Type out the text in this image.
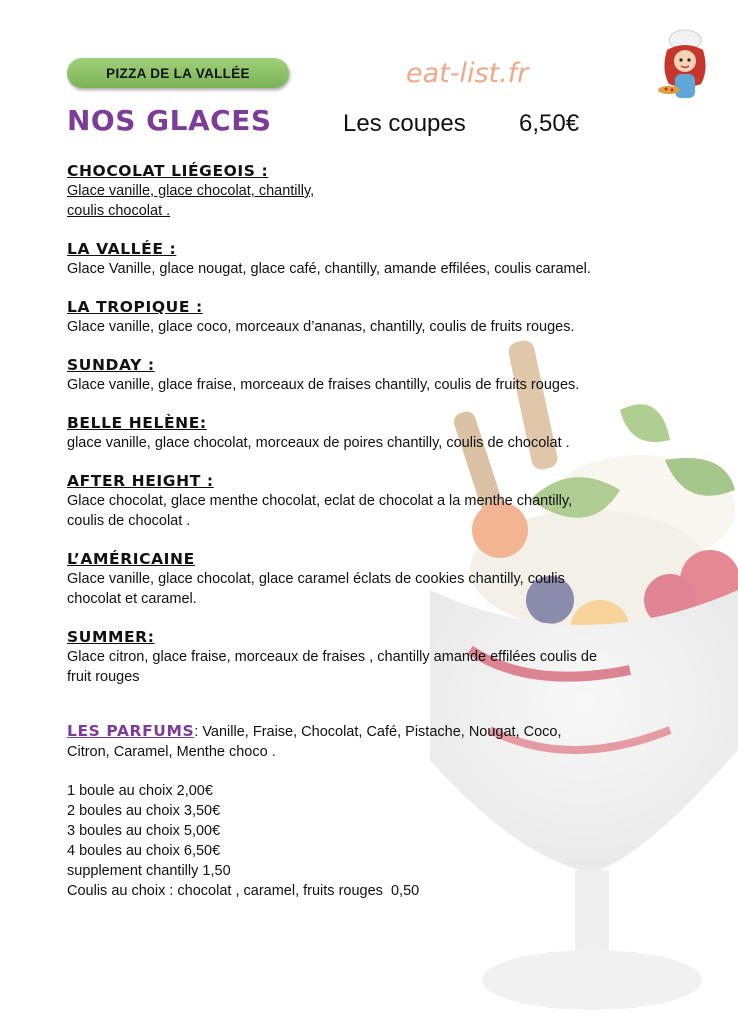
PIZZA DE LA VALLÉE	eat-list.fr
NOS GLACES	Les coupes 6,50€
CHOCOLAT LIÉGEOIS :
Glace vanille, glace chocolat, chantilly,
coulis chocolat .
LA VALLÉE :
Glace Vanille, glace nougat, glace café, chantilly, amande effilées, coulis caramel.
LA TROPIQUE :
Glace vanille, glace coco, morceaux d’ananas, chantilly, coulis de fruits rouges.
SUNDAY :
Glace vanille, glace fraise, morceaux de fraises chantilly, coulis de fruits rouges.
BELLE HELÈNE:
glace vanille, glace chocolat, morceaux de poires chantilly, coulis de chocolat .
AFTER HEIGHT :
Glace chocolat, glace menthe chocolat, eclat de chocolat a la menthe chantilly,
coulis de chocolat .
L’AMÉRICAINE
Glace vanille, glace chocolat, glace caramel éclats de cookies chantilly, coulis
chocolat et caramel.
SUMMER:
Glace citron, glace fraise, morceaux de fraises , chantilly amande effilées coulis de
fruit rouges
LES PARFUMS: Vanille, Fraise, Chocolat, Café, Pistache, Nougat, Coco,
Citron, Caramel, Menthe choco .
1 boule au choix 2,00€
2 boules au choix 3,50€
3 boules au choix 5,00€
4 boules au choix 6,50€
supplement chantilly 1,50
Coulis au choix : chocolat , caramel, fruits rouges  0,50
